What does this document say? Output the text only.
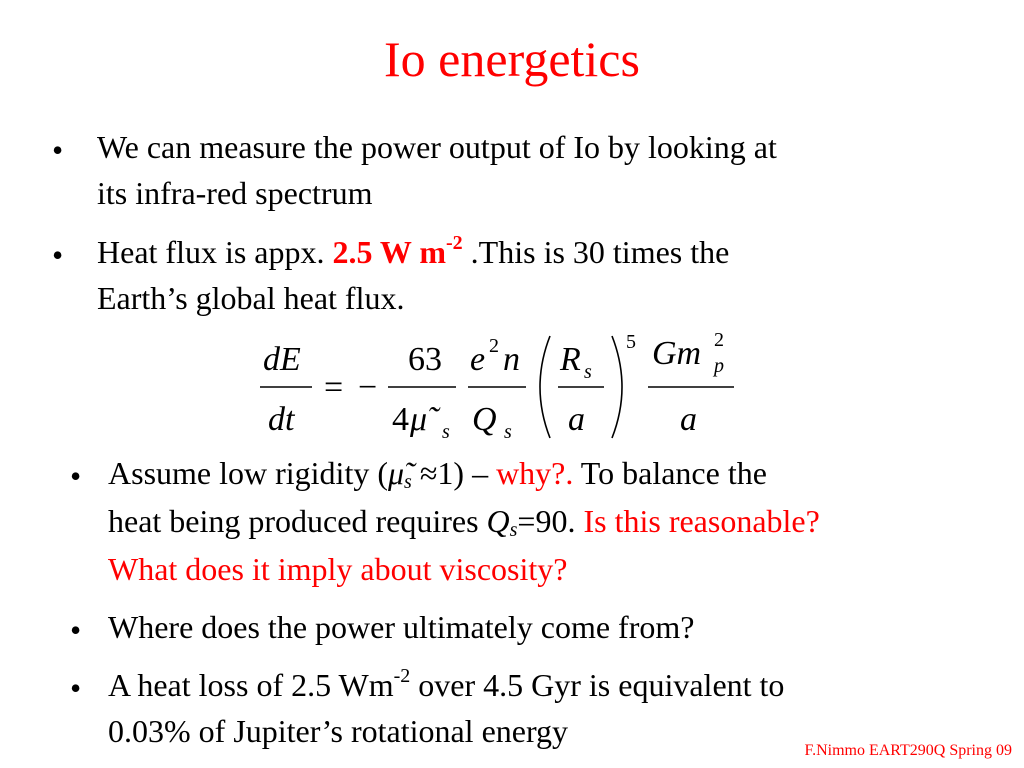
Io energetics
• We can measure the power output of Io by looking at
its infra-red spectrum
• Heat flux is appx. 2.5 W $m^{-2}$ .This is 30 times the
Earth’s global heat flux.
dE
dt
= −
63
4 μ̃ s
e 2 n
Q s
R s
a
5 Gm 2
p
a
• Assume low rigidity (μ̃s ≈1) – why?. To balance the
heat being produced requires Qs=90. Is this reasonable?
What does it imply about viscosity?
• Where does the power ultimately come from?
• A heat loss of 2.5 $Wm^{-2}$ over 4.5 Gyr is equivalent to
0.03% of Jupiter’s rotational energy
F.Nimmo EART290Q Spring 09
